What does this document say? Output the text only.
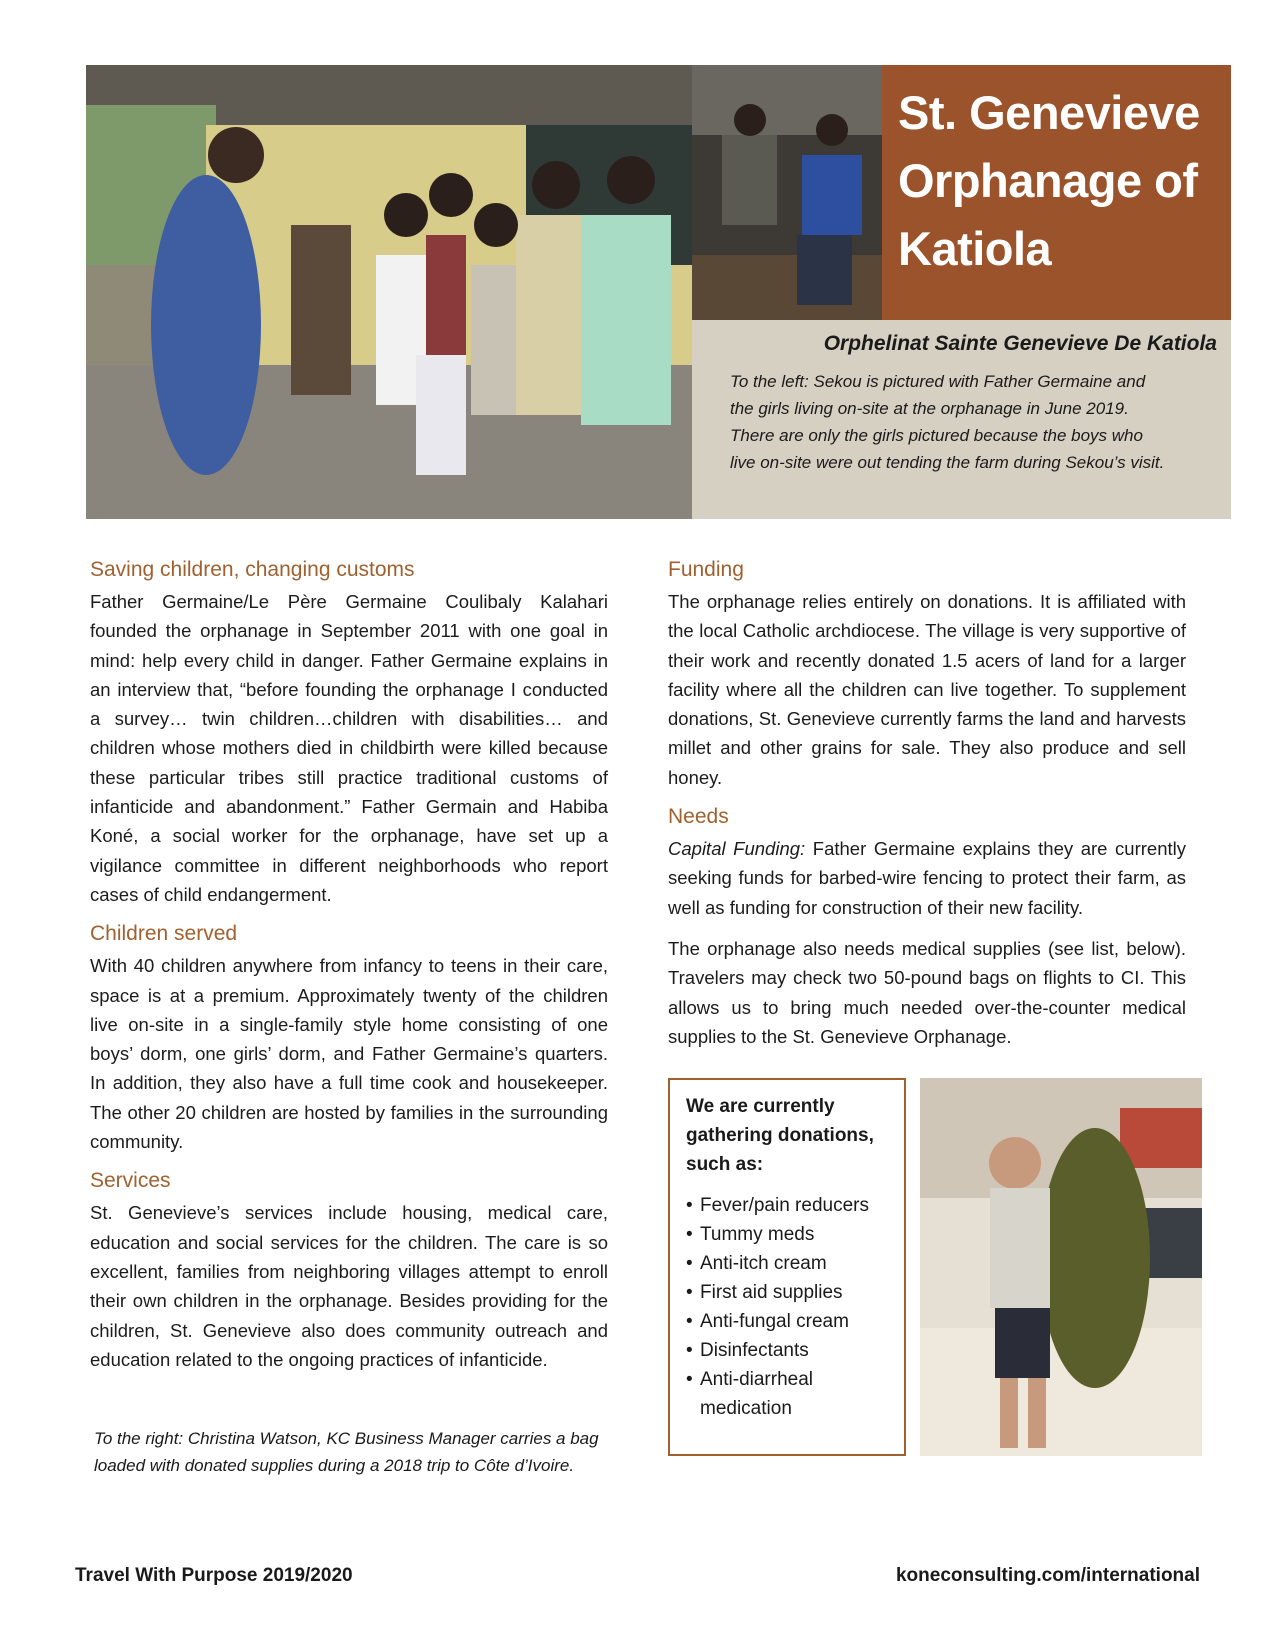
St. Genevieve
Orphanage of
Katiola
Orphelinat Sainte Genevieve De Katiola
To the left: Sekou is pictured with Father Germaine and
the girls living on-site at the orphanage in June 2019.
There are only the girls pictured because the boys who
live on-site were out tending the farm during Sekou’s visit.
Saving children, changing customs

Father Germaine/Le Père Germaine Coulibaly Kalahari founded the orphanage in September 2011 with one goal in mind: help every child in danger. Father Germaine explains in an interview that, “before founding the orphanage I conducted a survey… twin children…children with disabilities… and children whose mothers died in childbirth were killed because these particular tribes still practice traditional customs of infanticide and abandonment.” Father Germain and Habiba Koné, a social worker for the orphanage, have set up a vigilance committee in different neighborhoods who report cases of child endangerment.

Children served

With 40 children anywhere from infancy to teens in their care, space is at a premium. Approximately twenty of the children live on-site in a single-family style home consisting of one boys’ dorm, one girls’ dorm, and Father Germaine’s quarters. In addition, they also have a full time cook and housekeeper. The other 20 children are hosted by families in the surrounding community.

Services

St. Genevieve’s services include housing, medical care, education and social services for the children. The care is so excellent, families from neighboring villages attempt to enroll their own children in the orphanage. Besides providing for the children, St. Genevieve also does community outreach and education related to the ongoing practices of infanticide.

To the right: Christina Watson, KC Business Manager carries a bag
loaded with donated supplies during a 2018 trip to Côte d’Ivoire.
Funding

The orphanage relies entirely on donations. It is affiliated with the local Catholic archdiocese. The village is very supportive of their work and recently donated 1.5 acers of land for a larger facility where all the children can live together. To supplement donations, St. Genevieve currently farms the land and harvests millet and other grains for sale. They also produce and sell honey.

Needs

Capital Funding: Father Germaine explains they are currently seeking funds for barbed-wire fencing to protect their farm, as well as funding for construction of their new facility.

The orphanage also needs medical supplies (see list, below). Travelers may check two 50-pound bags on flights to CI. This allows us to bring much needed over-the-counter medical supplies to the St. Genevieve Orphanage.

We are currently gathering donations, such as:
• Fever/pain reducers
• Tummy meds
• Anti-itch cream
• First aid supplies
• Anti-fungal cream
• Disinfectants
• Anti-diarrheal medication
Travel With Purpose 2019/2020	koneconsulting.com/international
